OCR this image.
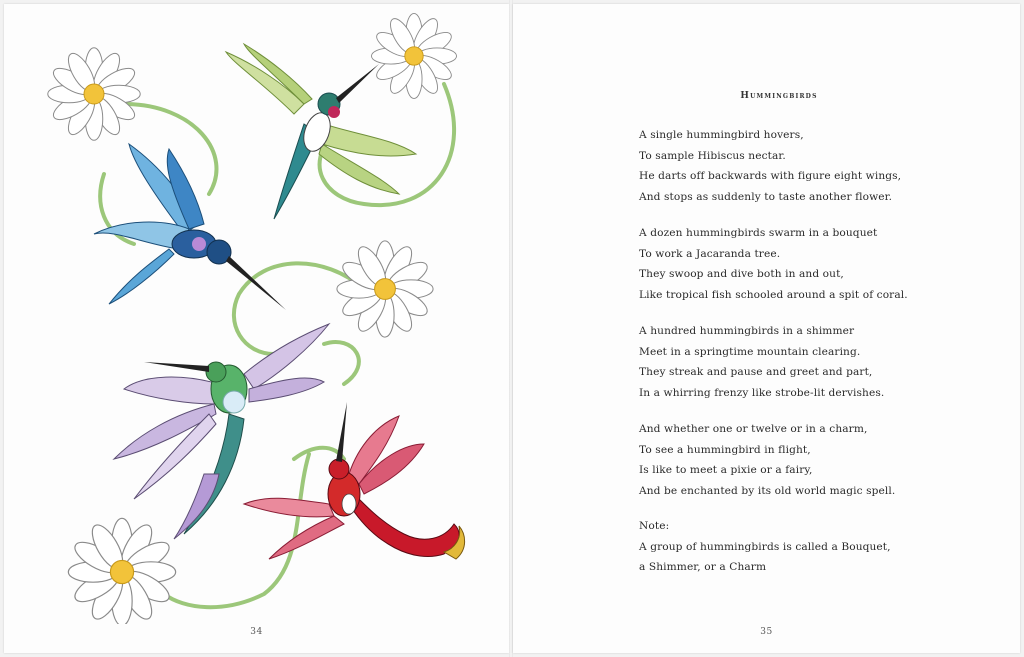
34
Hummingbirds
A single hummingbird hovers,
To sample Hibiscus nectar.
He darts off backwards with figure eight wings,
And stops as suddenly to taste another flower.
A dozen hummingbirds swarm in a bouquet
To work a Jacaranda tree.
They swoop and dive both in and out,
Like tropical fish schooled around a spit of coral.
A hundred hummingbirds in a shimmer
Meet in a springtime mountain clearing.
They streak and pause and greet and part,
In a whirring frenzy like strobe-lit dervishes.
And whether one or twelve or in a charm,
To see a hummingbird in flight,
Is like to meet a pixie or a fairy,
And be enchanted by its old world magic spell.
Note:
A group of hummingbirds is called a Bouquet,
a Shimmer, or a Charm
35
